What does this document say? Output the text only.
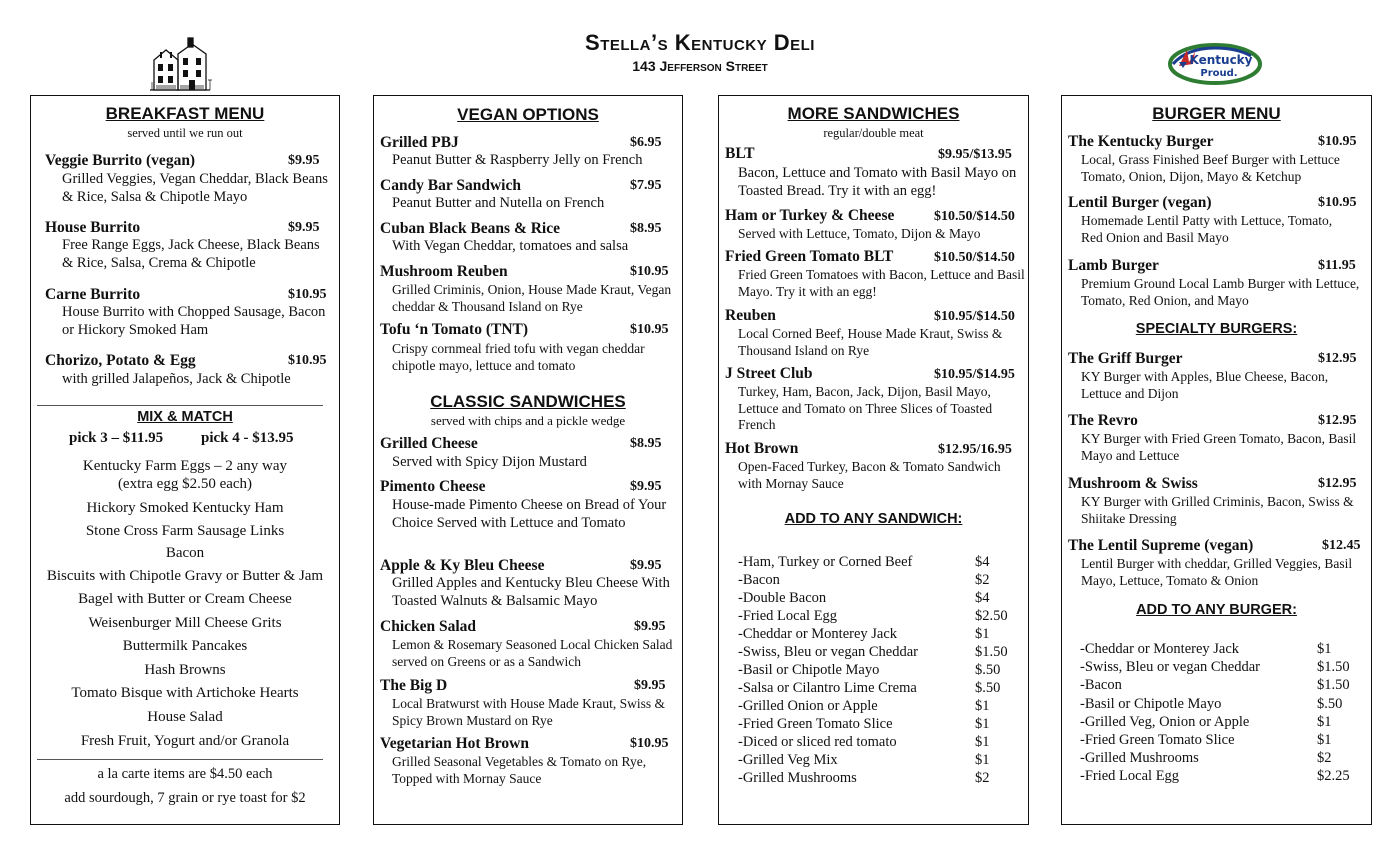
Stella’s Kentucky Deli
143 Jefferson Street	Kentucky
Proud.
BREAKFAST MENU
served until we run out
Veggie Burrito (vegan)	$9.95
Grilled Veggies, Vegan Cheddar, Black Beans & Rice, Salsa & Chipotle Mayo
House Burrito	$9.95
Free Range Eggs, Jack Cheese, Black Beans & Rice, Salsa, Crema & Chipotle
Carne Burrito	$10.95
House Burrito with Chopped Sausage, Bacon or Hickory Smoked Ham
Chorizo, Potato & Egg	$10.95
with grilled Jalapeños, Jack & Chipotle
MIX & MATCH
pick 3 – $11.95	pick 4 - $13.95
Kentucky Farm Eggs – 2 any way
(extra egg $2.50 each)
Hickory Smoked Kentucky Ham
Stone Cross Farm Sausage Links
Bacon
Biscuits with Chipotle Gravy or Butter & Jam
Bagel with Butter or Cream Cheese
Weisenburger Mill Cheese Grits
Buttermilk Pancakes
Hash Browns
Tomato Bisque with Artichoke Hearts
House Salad
Fresh Fruit, Yogurt and/or Granola
a la carte items are $4.50 each
add sourdough, 7 grain or rye toast for $2
VEGAN OPTIONS
Grilled PBJ	$6.95
Peanut Butter & Raspberry Jelly on French
Candy Bar Sandwich	$7.95
Peanut Butter and Nutella on French
Cuban Black Beans & Rice	$8.95
With Vegan Cheddar, tomatoes and salsa
Mushroom Reuben	$10.95
Grilled Criminis, Onion, House Made Kraut, Vegan cheddar & Thousand Island on Rye
Tofu ‘n Tomato (TNT)	$10.95
Crispy cornmeal fried tofu with vegan cheddar chipotle mayo, lettuce and tomato
CLASSIC SANDWICHES
served with chips and a pickle wedge
Grilled Cheese	$8.95
Served with Spicy Dijon Mustard
Pimento Cheese	$9.95
House-made Pimento Cheese on Bread of Your Choice Served with Lettuce and Tomato
Apple & Ky Bleu Cheese	$9.95
Grilled Apples and Kentucky Bleu Cheese With Toasted Walnuts & Balsamic Mayo
Chicken Salad	$9.95
Lemon & Rosemary Seasoned Local Chicken Salad served on Greens or as a Sandwich
The Big D	$9.95
Local Bratwurst with House Made Kraut, Swiss & Spicy Brown Mustard on Rye
Vegetarian Hot Brown	$10.95
Grilled Seasonal Vegetables & Tomato on Rye, Topped with Mornay Sauce
MORE SANDWICHES
regular/double meat
BLT	$9.95/$13.95
Bacon, Lettuce and Tomato with Basil Mayo on Toasted Bread. Try it with an egg!
Ham or Turkey & Cheese	$10.50/$14.50
Served with Lettuce, Tomato, Dijon & Mayo
Fried Green Tomato BLT	$10.50/$14.50
Fried Green Tomatoes with Bacon, Lettuce and Basil Mayo. Try it with an egg!
Reuben	$10.95/$14.50
Local Corned Beef, House Made Kraut, Swiss & Thousand Island on Rye
J Street Club	$10.95/$14.95
Turkey, Ham, Bacon, Jack, Dijon, Basil Mayo, Lettuce and Tomato on Three Slices of Toasted French
Hot Brown	$12.95/16.95
Open-Faced Turkey, Bacon & Tomato Sandwich with Mornay Sauce
ADD TO ANY SANDWICH:
-Ham, Turkey or Corned Beef	$4
-Bacon	$2
-Double Bacon	$4
-Fried Local Egg	$2.50
-Cheddar or Monterey Jack	$1
-Swiss, Bleu or vegan Cheddar	$1.50
-Basil or Chipotle Mayo	$.50
-Salsa or Cilantro Lime Crema	$.50
-Grilled Onion or Apple	$1
-Fried Green Tomato Slice	$1
-Diced or sliced red tomato	$1
-Grilled Veg Mix	$1
-Grilled Mushrooms	$2
BURGER MENU
The Kentucky Burger	$10.95
Local, Grass Finished Beef Burger with Lettuce Tomato, Onion, Dijon, Mayo & Ketchup
Lentil Burger (vegan)	$10.95
Homemade Lentil Patty with Lettuce, Tomato, Red Onion and Basil Mayo
Lamb Burger	$11.95
Premium Ground Local Lamb Burger with Lettuce, Tomato, Red Onion, and Mayo
SPECIALTY BURGERS:
The Griff Burger	$12.95
KY Burger with Apples, Blue Cheese, Bacon, Lettuce and Dijon
The Revro	$12.95
KY Burger with Fried Green Tomato, Bacon, Basil Mayo and Lettuce
Mushroom & Swiss	$12.95
KY Burger with Grilled Criminis, Bacon, Swiss & Shiitake Dressing
The Lentil Supreme (vegan)	$12.45
Lentil Burger with cheddar, Grilled Veggies, Basil Mayo, Lettuce, Tomato & Onion
ADD TO ANY BURGER:
-Cheddar or Monterey Jack	$1
-Swiss, Bleu or vegan Cheddar	$1.50
-Bacon	$1.50
-Basil or Chipotle Mayo	$.50
-Grilled Veg, Onion or Apple	$1
-Fried Green Tomato Slice	$1
-Grilled Mushrooms	$2
-Fried Local Egg	$2.25
